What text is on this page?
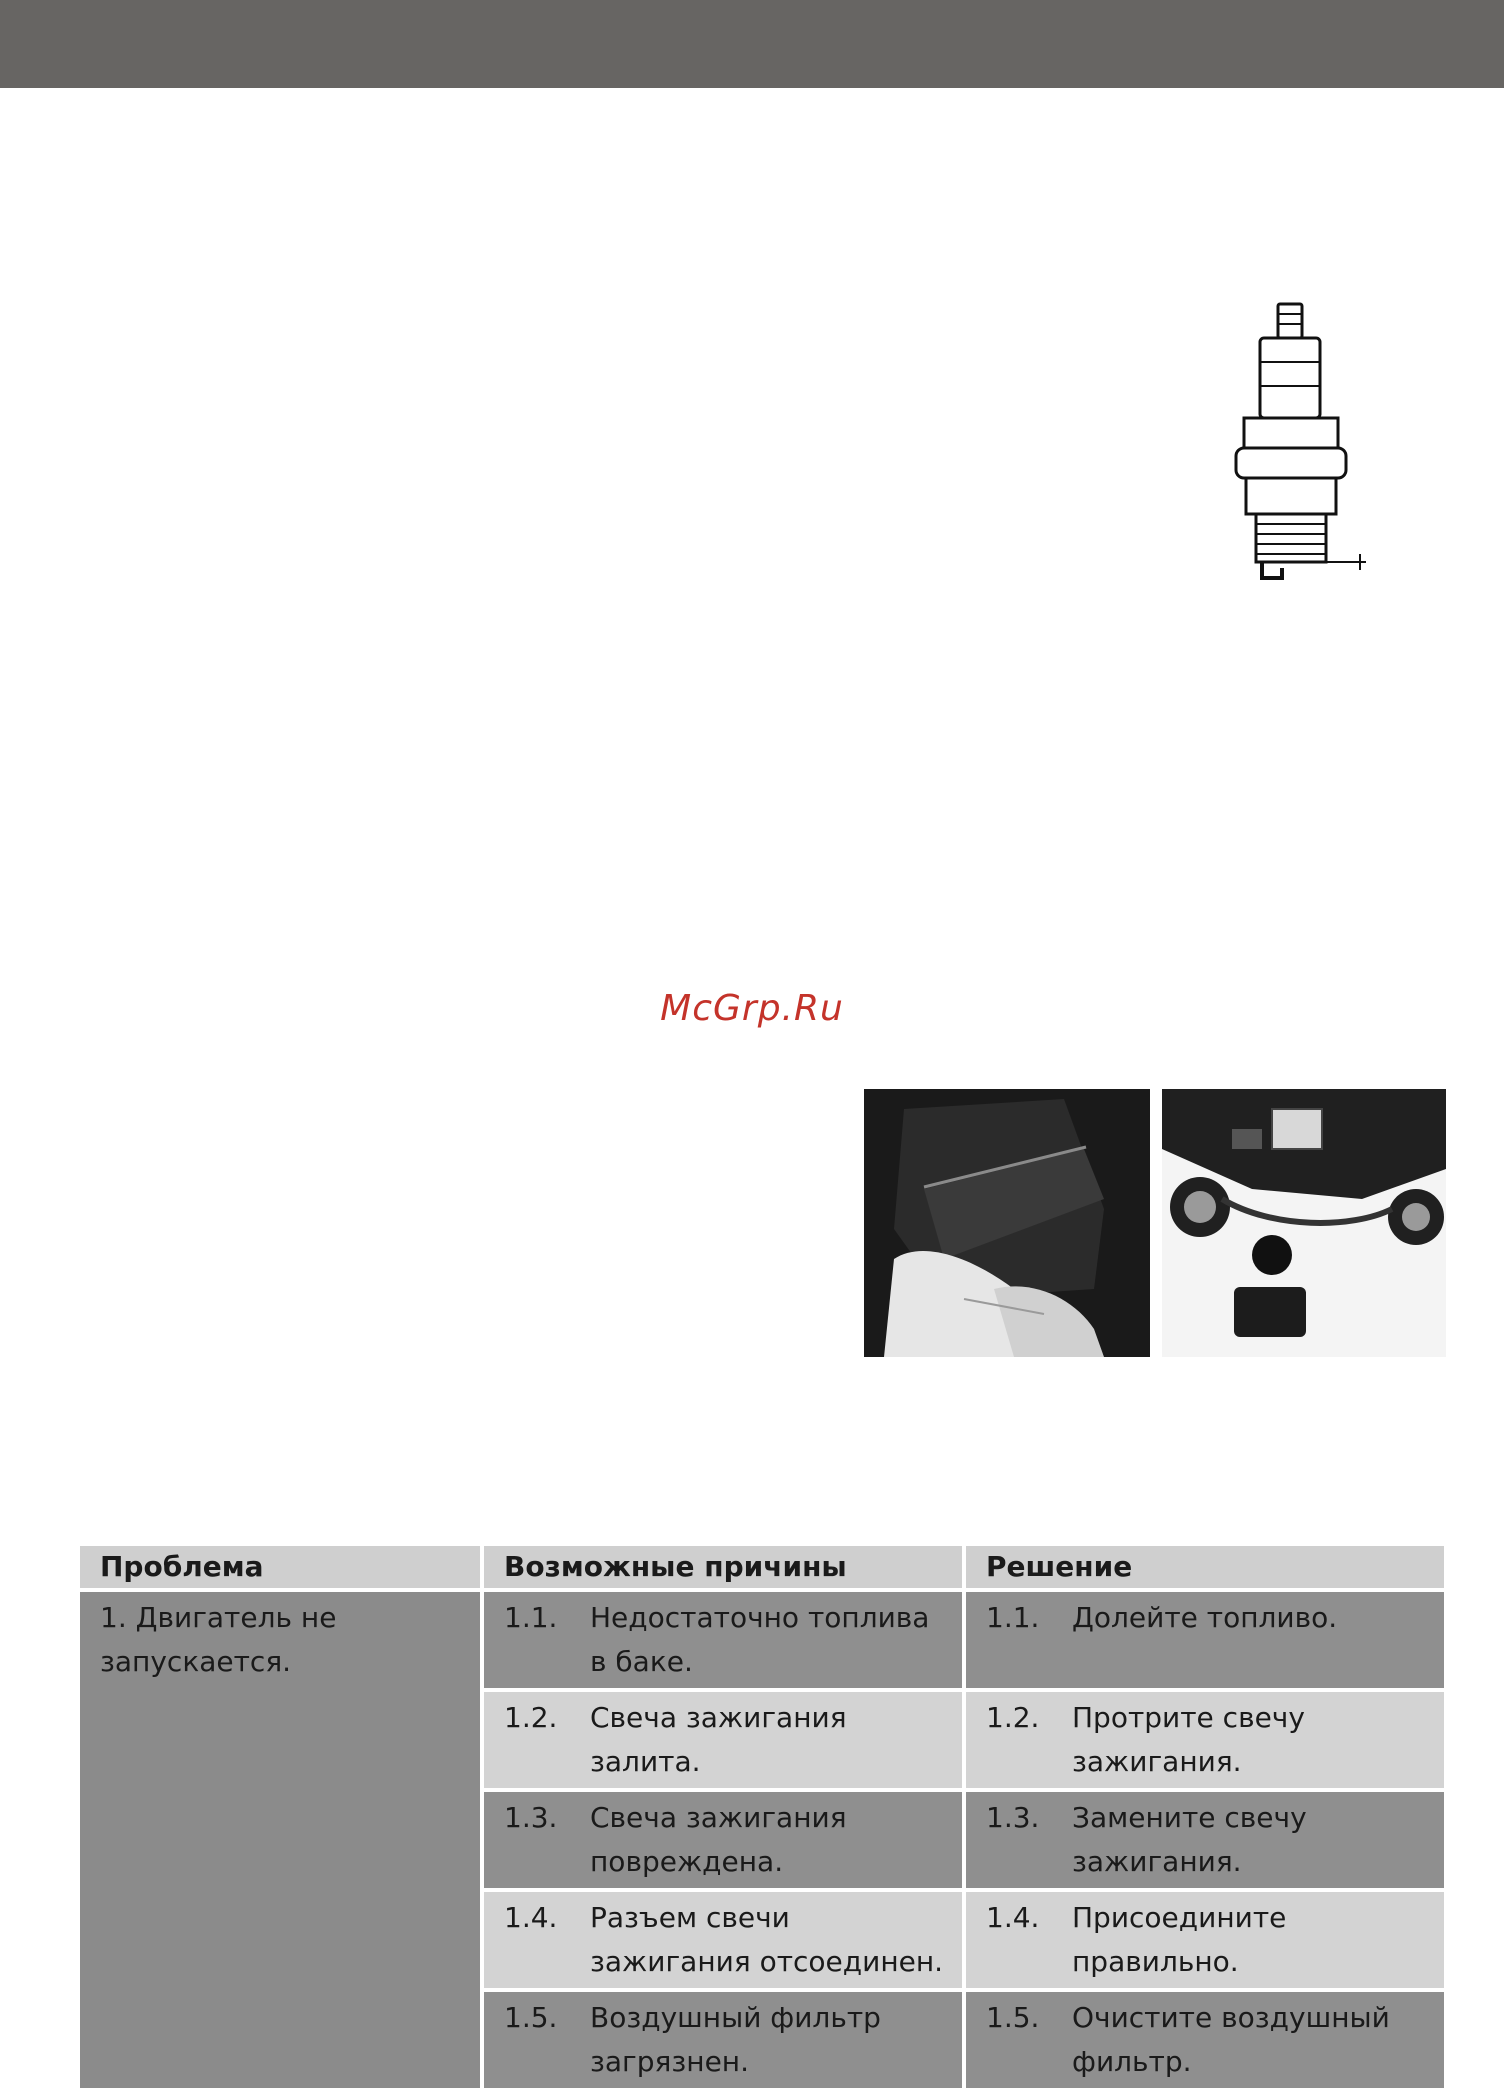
McGrp.Ru
Проблема	Возможные причины	Решение
1. Двигатель не запускается.	1.1. Недостаточно топлива в баке.	1.1. Долейте топливо.

	1.2. Свеча зажигания залита.	1.2. Протрите свечу зажигания.

	1.3. Свеча зажигания повреждена.	1.3. Замените свечу зажигания.

	1.4. Разъем свечи зажигания отсоединен.	1.4. Присоедините правильно.

	1.5. Воздушный фильтр загрязнен.	1.5. Очистите воздушный фильтр.
